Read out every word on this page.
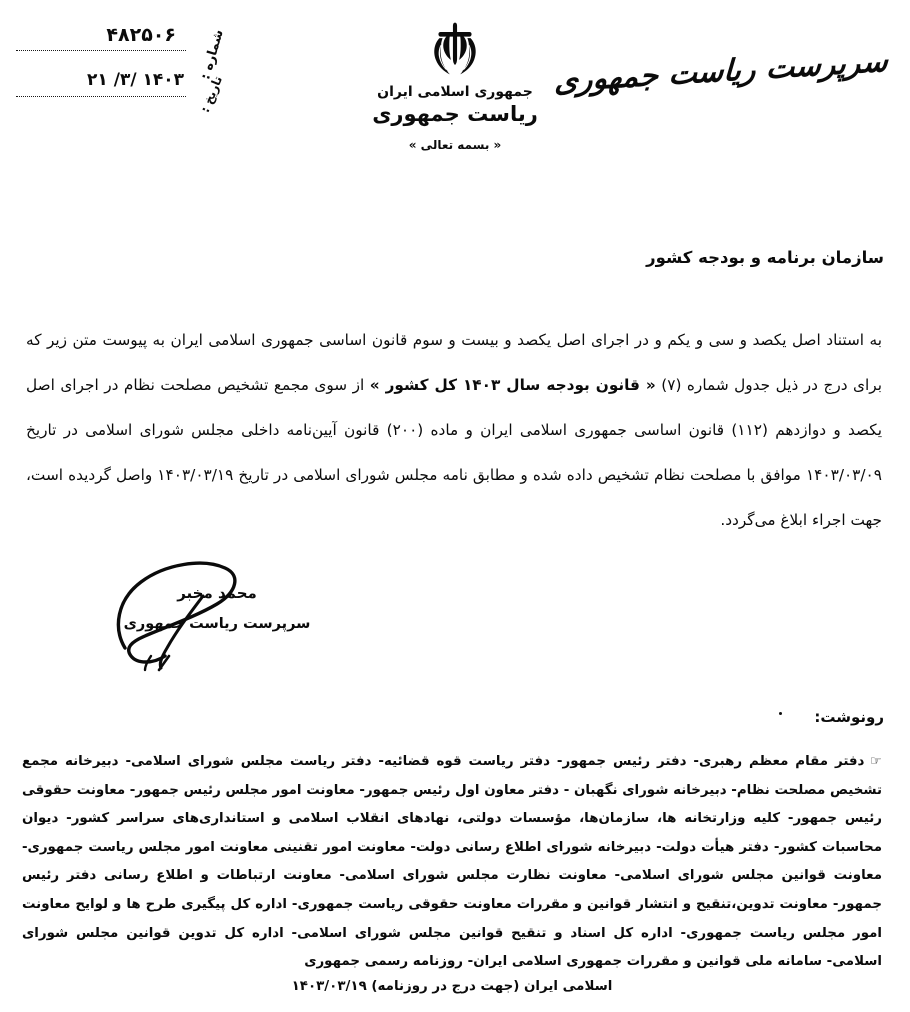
۴۸۲۵۰۶ شماره :
۱۴۰۳ /۳/ ۲۱ تاریخ :	جمهوری اسلامی ایران
ریاست جمهوری
« بسمه تعالی »
سرپرست ریاست جمهوری
سازمان برنامه و بودجه کشور
به استناد اصل یکصد و سی و یکم و در اجرای اصل یکصد و بیست و سوم قانون اساسی جمهوری اسلامی ایران به پیوست متن زیر که برای درج در ذیل جدول شماره (۷) « قانون بودجه سال ۱۴۰۳ کل کشور » از سوی مجمع تشخیص مصلحت نظام در اجرای اصل یکصد و دوازدهم (۱۱۲) قانون اساسی جمهوری اسلامی ایران و ماده (۲۰۰) قانون آیین‌نامه داخلی مجلس شورای اسلامی در تاریخ ۱۴۰۳/۰۳/۰۹ موافق با مصلحت نظام تشخیص داده شده و مطابق نامه مجلس شورای اسلامی در تاریخ ۱۴۰۳/۰۳/۱۹ واصل گردیده است، جهت اجراء ابلاغ می‌گردد.
محمد مخبر
سرپرست ریاست جمهوری
رونوشت:
☜دفتر مقام معظم رهبری- دفتر رئیس جمهور- دفتر ریاست قوه قضائیه- دفتر ریاست مجلس شورای اسلامی- دبیرخانه مجمع تشخیص مصلحت نظام- دبیرخانه شورای نگهبان - دفتر معاون اول رئیس جمهور- معاونت امور مجلس رئیس جمهور- معاونت حقوقی رئیس جمهور- کلیه وزارتخانه ها، سازمان‌ها، مؤسسات دولتی، نهادهای انقلاب اسلامی و استانداری‌های سراسر کشور- دیوان محاسبات کشور- دفتر هیأت دولت- دبیرخانه شورای اطلاع رسانی دولت- معاونت امور تقنینی معاونت امور مجلس ریاست جمهوری- معاونت قوانین مجلس شورای اسلامی- معاونت نظارت مجلس شورای اسلامی- معاونت ارتباطات و اطلاع رسانی دفتر رئیس جمهور- معاونت تدوین،تنقیح و انتشار قوانین و مقررات معاونت حقوقی ریاست جمهوری- اداره کل پیگیری طرح ها و لوایح معاونت امور مجلس ریاست جمهوری- اداره کل اسناد و تنقیح قوانین مجلس شورای اسلامی- اداره کل تدوین قوانین مجلس شورای اسلامی- سامانه ملی قوانین و مقررات جمهوری اسلامی ایران- روزنامه رسمی جمهوری
اسلامی ایران (جهت درج در روزنامه) ۱۴۰۳/۰۳/۱۹
